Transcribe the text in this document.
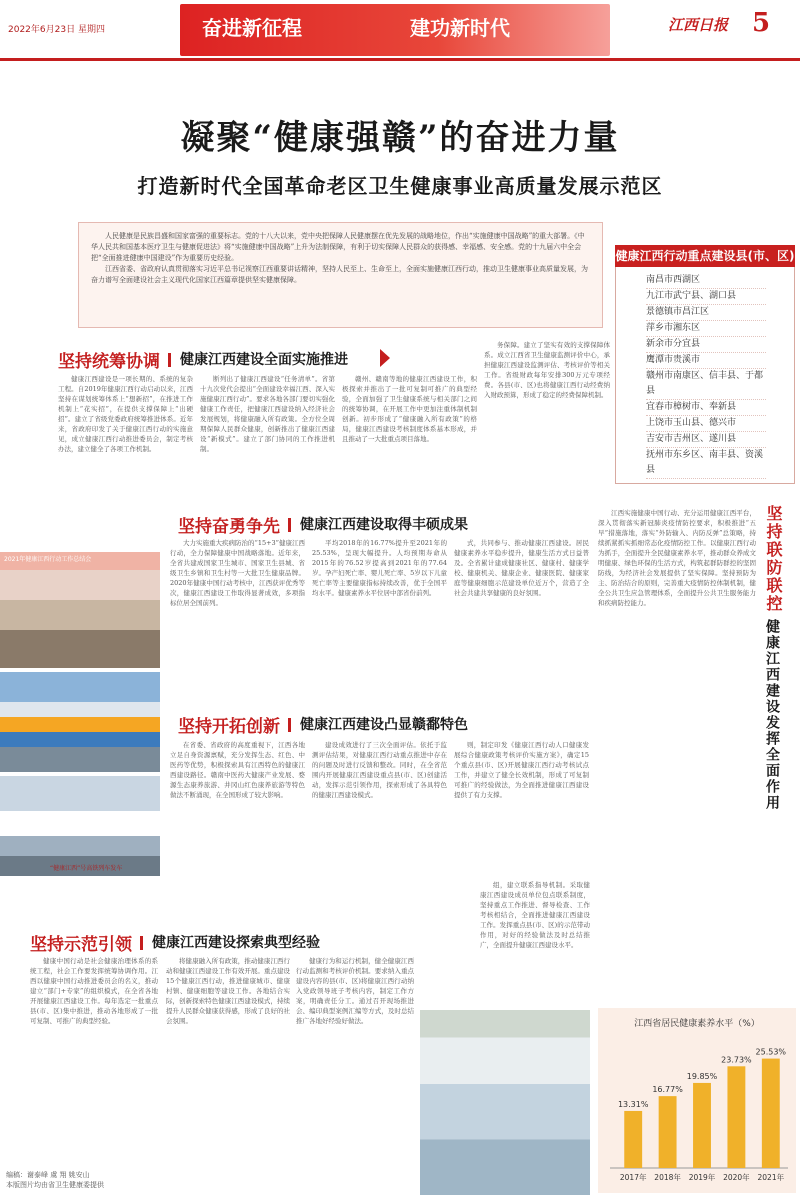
2022年6月23日 星期四	奋进新征程	建功新时代	江西日报 5
凝聚“健康强赣”的奋进力量
打造新时代全国革命老区卫生健康事业高质量发展示范区

人民健康是民族昌盛和国家富强的重要标志。党的十八大以来，党中央把保障人民健康摆在优先发展的战略地位，作出“实施健康中国战略”的重大部署。《中华人民共和国基本医疗卫生与健康促进法》将“实施健康中国战略”上升为法制保障，有利于切实保障人民群众的获得感、幸福感、安全感。党的十九届六中全会把“全面推进健康中国建设”作为重要历史经验。

江西省委、省政府认真贯彻落实习近平总书记视察江西重要讲话精神，坚持人民至上、生命至上，全面实施健康江西行动，推动卫生健康事业高质量发展，为奋力谱写全面建设社会主义现代化国家江西篇章提供坚实健康保障。

健康江西行动重点建设县(市、区)
南昌市西湖区
九江市武宁县、湖口县
景德镇市昌江区
萍乡市湘东区
新余市分宜县
鹰潭市贵溪市
赣州市南康区、信丰县、于都县
宜春市樟树市、奉新县
上饶市玉山县、德兴市
吉安市吉州区、遂川县
抚州市东乡区、南丰县、资溪县
坚持统筹协调 健康江西建设全面实施推进
健康江西建设是一项长期的、系统的复杂工程。自2019年健康江西行动启动以来，江西坚持在谋划统筹体系上“想新招”，在推进工作机制上“花实招”，在提供支撑保障上“出硬招”。建立了省级党委政府统筹推进体系。近年来，省政府印发了关于健康江西行动的实施意见，成立健康江西行动推进委员会，制定考核办法，建立健全了各项工作机制。
断列出了健康江西建设“任务清单”。省第十九次党代会提出“全面建设幸福江西、深入实施健康江西行动”。要求各地各部门要切实强化健康工作责任，把健康江西建设纳入经济社会发展规划，将健康融入所有政策。全方位全周期保障人民群众健康，创新推出了健康江西建设“新模式”。建立了部门协同的工作推进机制。
赣州、赣南等地的健康江西建设工作，积极探索并推出了一批可复制可推广的典型经验，全面加强了卫生健康系统与相关部门之间的统筹协调，在开展工作中更加注重体制机制创新。初步形成了“健康融入所有政策”的格局，健康江西建设考核制度体系基本形成，并且推动了一大批重点项目落地。
务保障。建立了坚实有效的支撑保障体系。成立江西省卫生健康监测评价中心，承担健康江西建设监测评估、考核评价等相关工作。省级财政每年安排300万元专项经费。各县(市、区)也将健康江西行动经费纳入财政预算，形成了稳定的经费保障机制。
坚持奋勇争先 健康江西建设取得丰硕成果
大力实施重大疾病防治的“15+3”健康江西行动，全力保障健康中国战略落地。近年来，全省共建成国家卫生城市、国家卫生县城、省级卫生乡镇和卫生村等一大批卫生健康品牌。2020年健康中国行动考核中，江西获评优秀等次，健康江西建设工作取得显著成效，多项指标位居全国前列。
平均2018年的16.77%提升至2021年的25.53%，呈现大幅提升。人均预期寿命从2015年的76.52岁提高到2021年的77.64岁。孕产妇死亡率、婴儿死亡率、5岁以下儿童死亡率等主要健康指标持续改善，优于全国平均水平。健康素养水平位居中部省份前列。
式，共同参与、推动健康江西建设。居民健康素养水平稳步提升，健康生活方式日益普及。全省累计建成健康社区、健康村、健康学校、健康机关、健康企业、健康医院、健康家庭等健康细胞示范建设单位近万个，营造了全社会共建共享健康的良好氛围。
2021年健康江西行动工作总结会
“健康江西”号高铁列车发车
坚持开拓创新 健康江西建设凸显赣鄱特色
在省委、省政府的高度重视下，江西各地立足自身资源禀赋，充分发挥生态、红色、中医药等优势，积极探索具有江西特色的健康江西建设路径。赣南中医药大健康产业发展、婺源生态康养旅游、井冈山红色康养旅游等特色做法不断涌现，在全国形成了较大影响。
建设成效进行了三次全面评估。依托于监测评估结果，对健康江西行动重点推进中存在的问题及时进行反馈和整改。同时，在全省范围内开展健康江西建设重点县(市、区)创建活动，发挥示范引领作用，探索形成了各具特色的健康江西建设模式。
则，制定印发《健康江西行动人口健康发展综合健康政策考核评价实施方案》，确定15个重点县(市、区)开展健康江西行动考核试点工作，并建立了健全长效机制，形成了可复制可推广的经验做法，为全面推进健康江西建设提供了有力支撑。
坚持联防联控
健康江西建设发挥全面作用
江西实施健康中国行动、充分运用健康江西平台，深入贯彻落实新冠肺炎疫情防控要求，积极推进“五早”措施落地，落实“外防输入、内防反弹”总策略，持续抓紧抓实抓细常态化疫情防控工作。以健康江西行动为抓手，全面提升全民健康素养水平，推动群众养成文明健康、绿色环保的生活方式，构筑起群防群控的坚固防线，为经济社会发展提供了坚实保障。坚持预防为主、防治结合的原则，完善重大疫情防控体制机制，健全公共卫生应急管理体系，全面提升公共卫生服务能力和疾病防控能力。
坚持示范引领 健康江西建设探索典型经验
健康中国行动是社会健康治理体系的系统工程，社会工作要发挥统筹协调作用。江西以健康中国行动推进委员会的名义，推动建立“部门+专家”的组织模式，在全省各地开展健康江西建设工作。每年选定一批重点县(市、区)集中推进，推动各地形成了一批可复制、可推广的典型经验。
将健康融入所有政策，推动健康江西行动和健康江西建设工作有效开展。重点建设15个健康江西行动，推进健康城市、健康村镇、健康细胞等建设工作。各地结合实际，创新探索特色健康江西建设模式，持续提升人民群众健康获得感，形成了良好的社会氛围。
健康行为和运行机制，健全健康江西行动监测和考核评价机制。要求纳入重点建设内容的县(市、区)将健康江西行动纳入党政领导班子考核内容，制定工作方案，明确责任分工。通过召开现场推进会、编印典型案例汇编等方式，及时总结推广各地好经验好做法。
组，建立联系指导机制。采取健康江西建设成员单位包点联系制度，坚持重点工作推进、督导检查、工作考核相结合，全面推进健康江西建设工作。发挥重点县(市、区)的示范带动作用，对好的经验做法及时总结推广，全面提升健康江西建设水平。
江西省居民健康素养水平（%）
13.31%
2017年
16.77%
2018年
19.85%
2019年
23.73%
2020年
25.53%
2021年
编稿：谢泰峰 虞 翔 姚安山
本版图片均由省卫生健康委提供
